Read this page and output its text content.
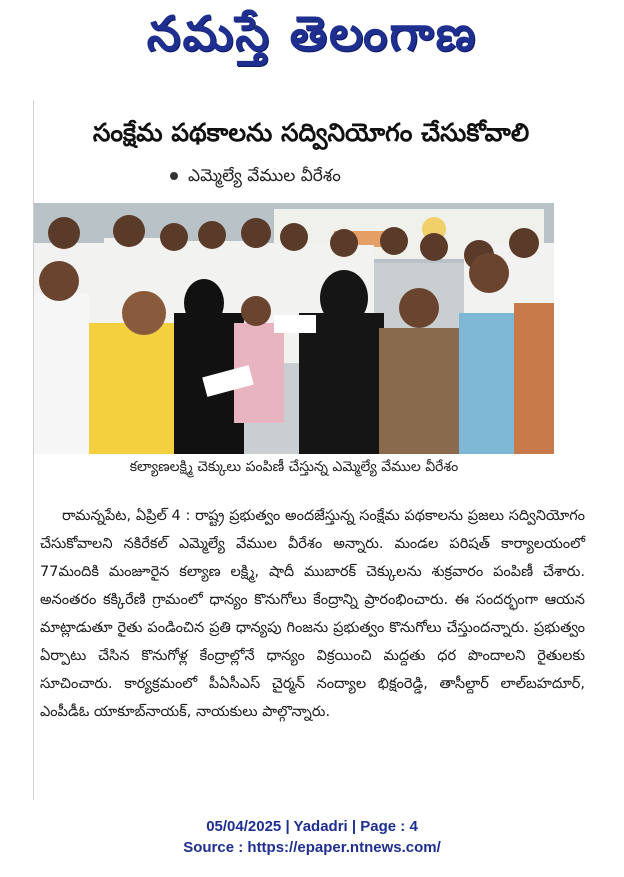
నమస్తే తెలంగాణ
సంక్షేమ పథకాలను సద్వినియోగం చేసుకోవాలి
ఎమ్మెల్యే వేముల వీరేశం
కల్యాణలక్ష్మి చెక్కులు పంపిణీ చేస్తున్న ఎమ్మెల్యే వేముల వీరేశం

రామన్నపేట, ఏప్రిల్ 4 : రాష్ట్ర ప్రభుత్వం అందజేస్తున్న సంక్షేమ పథకాలను ప్రజలు సద్వినియోగం చేసుకోవాలని నకిరేకల్ ఎమ్మెల్యే వేముల వీరేశం అన్నారు. మండల పరిషత్ కార్యాలయంలో 77మందికి మంజూరైన కల్యాణ లక్ష్మి, షాదీ ముబారక్ చెక్కులను శుక్రవారం పంపిణీ చేశారు. అనంతరం కక్కిరేణి గ్రామంలో ధాన్యం కొనుగోలు కేంద్రాన్ని ప్రారంభించారు. ఈ సందర్భంగా ఆయన మాట్లాడుతూ రైతు పండించిన ప్రతి ధాన్యపు గింజను ప్రభుత్వం కొనుగోలు చేస్తుందన్నారు. ప్రభుత్వం ఏర్పాటు చేసిన కొనుగోళ్ల కేంద్రాల్లోనే ధాన్యం విక్రయించి మద్దతు ధర పొందాలని రైతులకు సూచించారు. కార్యక్రమంలో పీఏసీఎస్ చైర్మన్ నంద్యాల భిక్షంరెడ్డి, తాసీల్దార్ లాల్‌బహదూర్, ఎంపీడీఓ యాకూబ్‌నాయక్, నాయకులు పాల్గొన్నారు.

05/04/2025 | Yadadri | Page : 4
Source : https://epaper.ntnews.com/
